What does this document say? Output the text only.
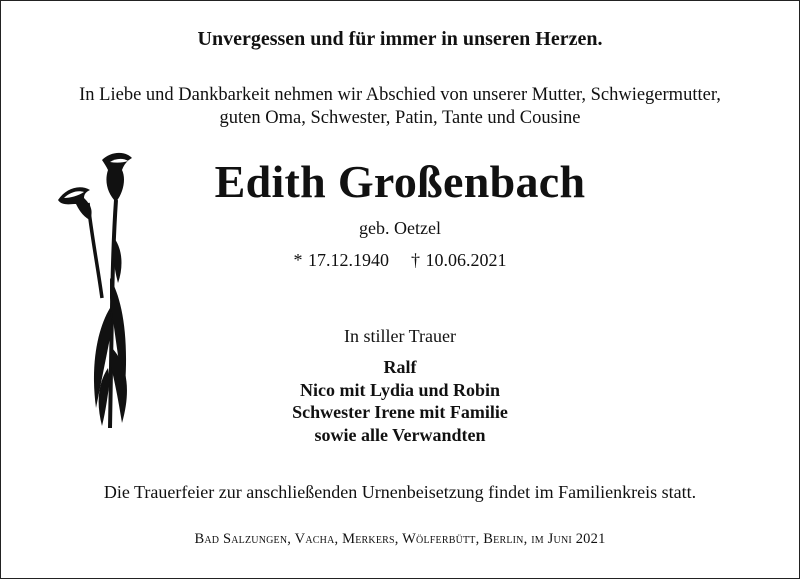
Unvergessen und für immer in unseren Herzen.
In Liebe und Dankbarkeit nehmen wir Abschied von unserer Mutter, Schwiegermutter,
guten Oma, Schwester, Patin, Tante und Cousine
Edith Großenbach
geb. Oetzel
* 17.12.1940 † 10.06.2021
In stiller Trauer
Ralf
Nico mit Lydia und Robin
Schwester Irene mit Familie
sowie alle Verwandten
Die Trauerfeier zur anschließenden Urnenbeisetzung findet im Familienkreis statt.
Bad Salzungen, Vacha, Merkers, Wölferbütt, Berlin, im Juni 2021
